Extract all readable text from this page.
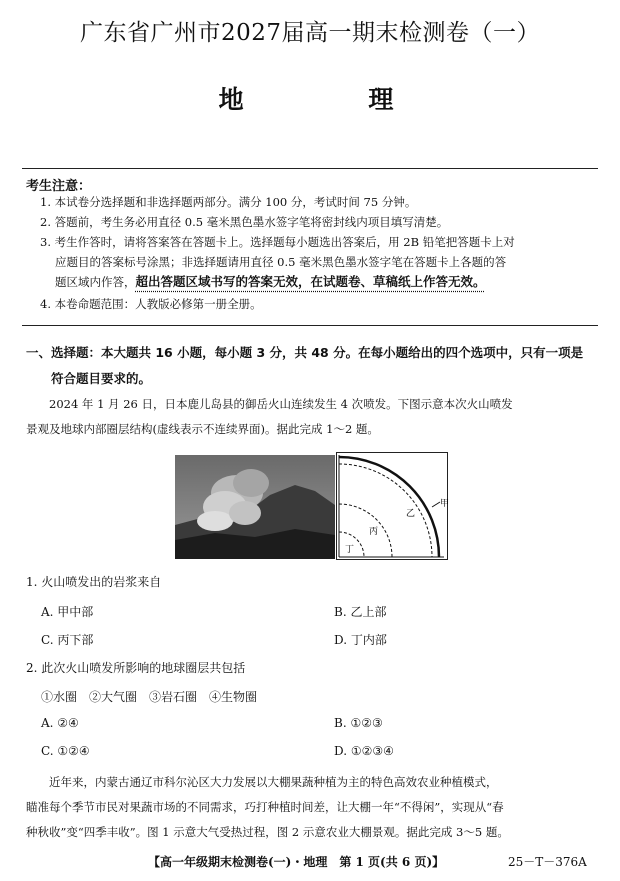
广东省广州市2027届高一期末检测卷（一）
地 理
考生注意：
1. 本试卷分选择题和非选择题两部分。满分 100 分，考试时间 75 分钟。
2. 答题前，考生务必用直径 0.5 毫米黑色墨水签字笔将密封线内项目填写清楚。
3. 考生作答时，请将答案答在答题卡上。选择题每小题选出答案后，用 2B 铅笔把答题卡上对
应题目的答案标号涂黑；非选择题请用直径 0.5 毫米黑色墨水签字笔在答题卡上各题的答
题区域内作答，超出答题区域书写的答案无效，在试题卷、草稿纸上作答无效。
4. 本卷命题范围：人教版必修第一册全册。
一、选择题：本大题共 16 小题，每小题 3 分，共 48 分。在每小题给出的四个选项中，只有一项是
符合题目要求的。
2024 年 1 月 26 日，日本鹿儿岛县的御岳火山连续发生 4 次喷发。下图示意本次火山喷发
景观及地球内部圈层结构(虚线表示不连续界面)。据此完成 1～2 题。
甲
乙
丙
丁
1. 火山喷发出的岩浆来自
A. 甲中部	B. 乙上部
C. 丙下部	D. 丁内部
2. 此次火山喷发所影响的地球圈层共包括
①水圈　②大气圈　③岩石圈　④生物圈
A. ②④	B. ①②③
C. ①②④	D. ①②③④
近年来，内蒙古通辽市科尔沁区大力发展以大棚果蔬种植为主的特色高效农业种植模式，
瞄准每个季节市民对果蔬市场的不同需求，巧打种植时间差，让大棚一年“不得闲”，实现从“春
种秋收”变“四季丰收”。图 1 示意大气受热过程，图 2 示意农业大棚景观。据此完成 3～5 题。
【高一年级期末检测卷(一)・地理　第 1 页(共 6 页)】	25－T－376A
